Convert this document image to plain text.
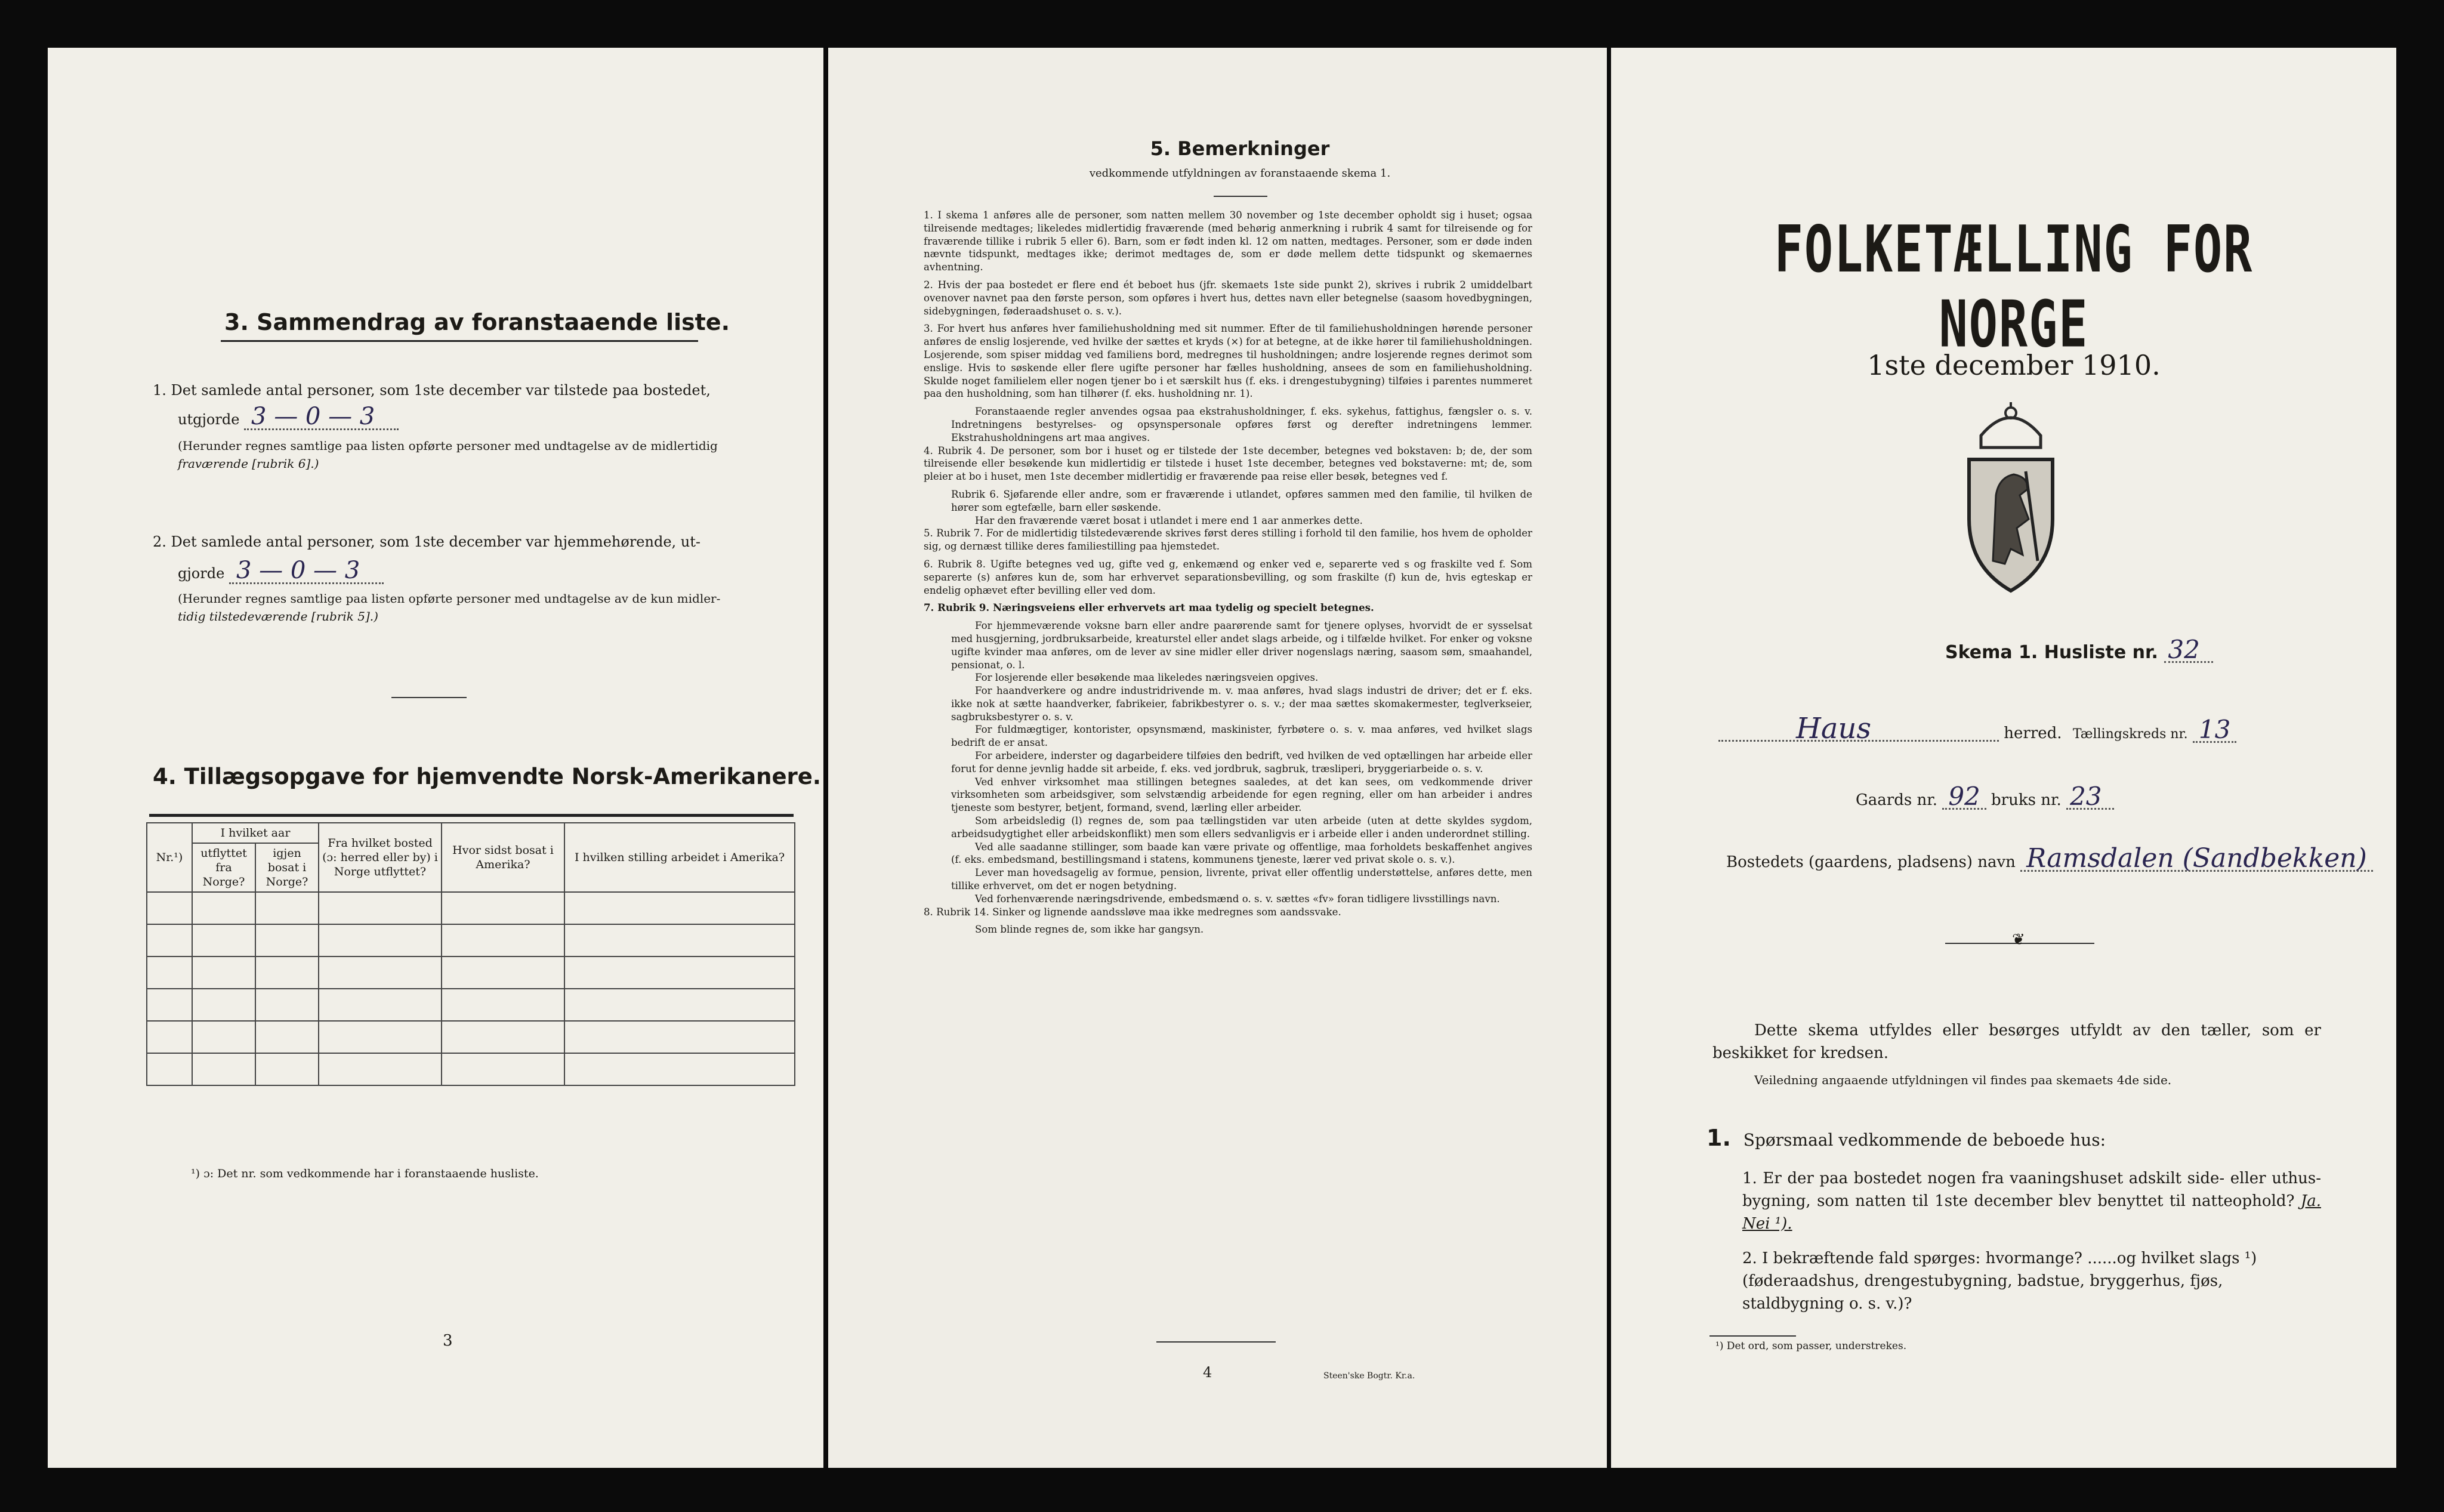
3. Sammendrag av foranstaaende liste.
1. Det samlede antal personer, som 1ste december var tilstede paa bostedet,
utgjorde 3 — 0 — 3
(Herunder regnes samtlige paa listen opførte personer med undtagelse av de midlertidig
fraværende [rubrik 6].)
2. Det samlede antal personer, som 1ste december var hjemmehørende, ut-
gjorde 3 — 0 — 3
(Herunder regnes samtlige paa listen opførte personer med undtagelse av de kun midler-
tidig tilstedeværende [rubrik 5].)
4. Tillægsopgave for hjemvendte Norsk-Amerikanere.
Nr.¹)	I hvilket aar		Fra hvilket bosted (ɔ: herred eller by) i Norge utflyttet?	Hvor sidst bosat i Amerika?	I hvilken stilling arbeidet i Amerika?
	utflyttet fra Norge?	igjen bosat i Norge?			

¹) ɔ: Det nr. som vedkommende har i foranstaaende husliste.
3
5. Bemerkninger
vedkommende utfyldningen av foranstaaende skema 1.

1. I skema 1 anføres alle de personer, som natten mellem 30 november og 1ste december opholdt sig i huset; ogsaa tilreisende medtages; likeledes midlertidig fraværende (med behørig anmerkning i rubrik 4 samt for tilreisende og for fraværende tillike i rubrik 5 eller 6). Barn, som er født inden kl. 12 om natten, medtages. Personer, som er døde inden nævnte tidspunkt, medtages ikke; derimot medtages de, som er døde mellem dette tidspunkt og skemaernes avhentning.

2. Hvis der paa bostedet er flere end ét beboet hus (jfr. skemaets 1ste side punkt 2), skrives i rubrik 2 umiddelbart ovenover navnet paa den første person, som opføres i hvert hus, dettes navn eller betegnelse (saasom hovedbygningen, sidebygningen, føderaadshuset o. s. v.).

3. For hvert hus anføres hver familiehusholdning med sit nummer. Efter de til familiehusholdningen hørende personer anføres de enslig losjerende, ved hvilke der sættes et kryds (×) for at betegne, at de ikke hører til familiehusholdningen. Losjerende, som spiser middag ved familiens bord, medregnes til husholdningen; andre losjerende regnes derimot som enslige. Hvis to søskende eller flere ugifte personer har fælles husholdning, ansees de som en familiehusholdning. Skulde noget familielem eller nogen tjener bo i et særskilt hus (f. eks. i drengestubygning) tilføies i parentes nummeret paa den husholdning, som han tilhører (f. eks. husholdning nr. 1).

Foranstaaende regler anvendes ogsaa paa ekstrahusholdninger, f. eks. sykehus, fattighus, fængsler o. s. v. Indretningens bestyrelses- og opsynspersonale opføres først og derefter indretningens lemmer. Ekstrahusholdningens art maa angives.

4. Rubrik 4. De personer, som bor i huset og er tilstede der 1ste december, betegnes ved bokstaven: b; de, der som tilreisende eller besøkende kun midlertidig er tilstede i huset 1ste december, betegnes ved bokstaverne: mt; de, som pleier at bo i huset, men 1ste december midlertidig er fraværende paa reise eller besøk, betegnes ved f.

Rubrik 6. Sjøfarende eller andre, som er fraværende i utlandet, opføres sammen med den familie, til hvilken de hører som egtefælle, barn eller søskende.

Har den fraværende været bosat i utlandet i mere end 1 aar anmerkes dette.

5. Rubrik 7. For de midlertidig tilstedeværende skrives først deres stilling i forhold til den familie, hos hvem de opholder sig, og dernæst tillike deres familiestilling paa hjemstedet.

6. Rubrik 8. Ugifte betegnes ved ug, gifte ved g, enkemænd og enker ved e, separerte ved s og fraskilte ved f. Som separerte (s) anføres kun de, som har erhvervet separationsbevilling, og som fraskilte (f) kun de, hvis egteskap er endelig ophævet efter bevilling eller ved dom.

7. Rubrik 9. Næringsveiens eller erhvervets art maa tydelig og specielt betegnes.

For hjemmeværende voksne barn eller andre paarørende samt for tjenere oplyses, hvorvidt de er sysselsat med husgjerning, jordbruksarbeide, kreaturstel eller andet slags arbeide, og i tilfælde hvilket. For enker og voksne ugifte kvinder maa anføres, om de lever av sine midler eller driver nogenslags næring, saasom søm, smaahandel, pensionat, o. l.

For losjerende eller besøkende maa likeledes næringsveien opgives.

For haandverkere og andre industridrivende m. v. maa anføres, hvad slags industri de driver; det er f. eks. ikke nok at sætte haandverker, fabrikeier, fabrikbestyrer o. s. v.; der maa sættes skomakermester, teglverkseier, sagbruksbestyrer o. s. v.

For fuldmægtiger, kontorister, opsynsmænd, maskinister, fyrbøtere o. s. v. maa anføres, ved hvilket slags bedrift de er ansat.

For arbeidere, inderster og dagarbeidere tilføies den bedrift, ved hvilken de ved optællingen har arbeide eller forut for denne jevnlig hadde sit arbeide, f. eks. ved jordbruk, sagbruk, træsliperi, bryggeriarbeide o. s. v.

Ved enhver virksomhet maa stillingen betegnes saaledes, at det kan sees, om vedkommende driver virksomheten som arbeidsgiver, som selvstændig arbeidende for egen regning, eller om han arbeider i andres tjeneste som bestyrer, betjent, formand, svend, lærling eller arbeider.

Som arbeidsledig (l) regnes de, som paa tællingstiden var uten arbeide (uten at dette skyldes sygdom, arbeidsudygtighet eller arbeidskonflikt) men som ellers sedvanligvis er i arbeide eller i anden underordnet stilling.

Ved alle saadanne stillinger, som baade kan være private og offentlige, maa forholdets beskaffenhet angives (f. eks. embedsmand, bestillingsmand i statens, kommunens tjeneste, lærer ved privat skole o. s. v.).

Lever man hovedsagelig av formue, pension, livrente, privat eller offentlig understøttelse, anføres dette, men tillike erhvervet, om det er nogen betydning.

Ved forhenværende næringsdrivende, embedsmænd o. s. v. sættes «fv» foran tidligere livsstillings navn.

8. Rubrik 14. Sinker og lignende aandssløve maa ikke medregnes som aandssvake.

Som blinde regnes de, som ikke har gangsyn.

4	Steen'ske Bogtr. Kr.a.
FOLKETÆLLING FOR NORGE
1ste december 1910.
Skema 1. Husliste nr. 32
Haus	herred. Tællingskreds nr. 13
Gaards nr. 92 bruks nr. 23
Bostedets (gaardens, pladsens) navn Ramsdalen (Sandbekken)
❦
Dette skema utfyldes eller besørges utfyldt av den tæller, som er beskikket for kredsen.
Veiledning angaaende utfyldningen vil findes paa skemaets 4de side.
1. Spørsmaal vedkommende de beboede hus:
1. Er der paa bostedet nogen fra vaaningshuset adskilt side- eller uthus-bygning, som natten til 1ste december blev benyttet til natteophold? Ja. Nei ¹).
2. I bekræftende fald spørges: hvormange? ......og hvilket slags ¹) (føderaadshus, drengestubygning, badstue, bryggerhus, fjøs, staldbygning o. s. v.)?
¹) Det ord, som passer, understrekes.
